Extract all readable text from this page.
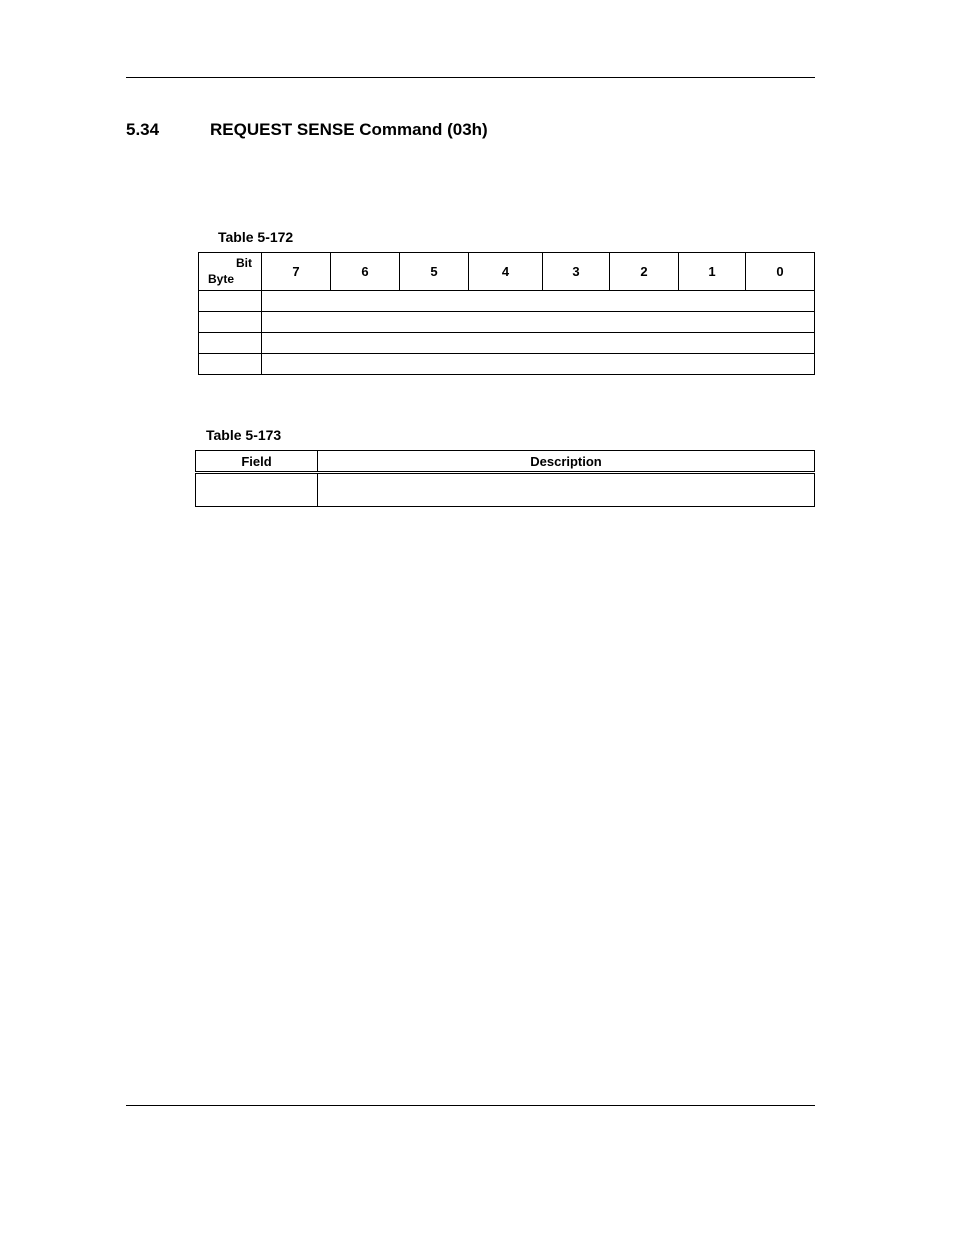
5.34	REQUEST SENSE Command (03h)
Table 5-172
Bit
Byte	7	6	5	4	3	2	1	0

Table 5-173
Field	Description
